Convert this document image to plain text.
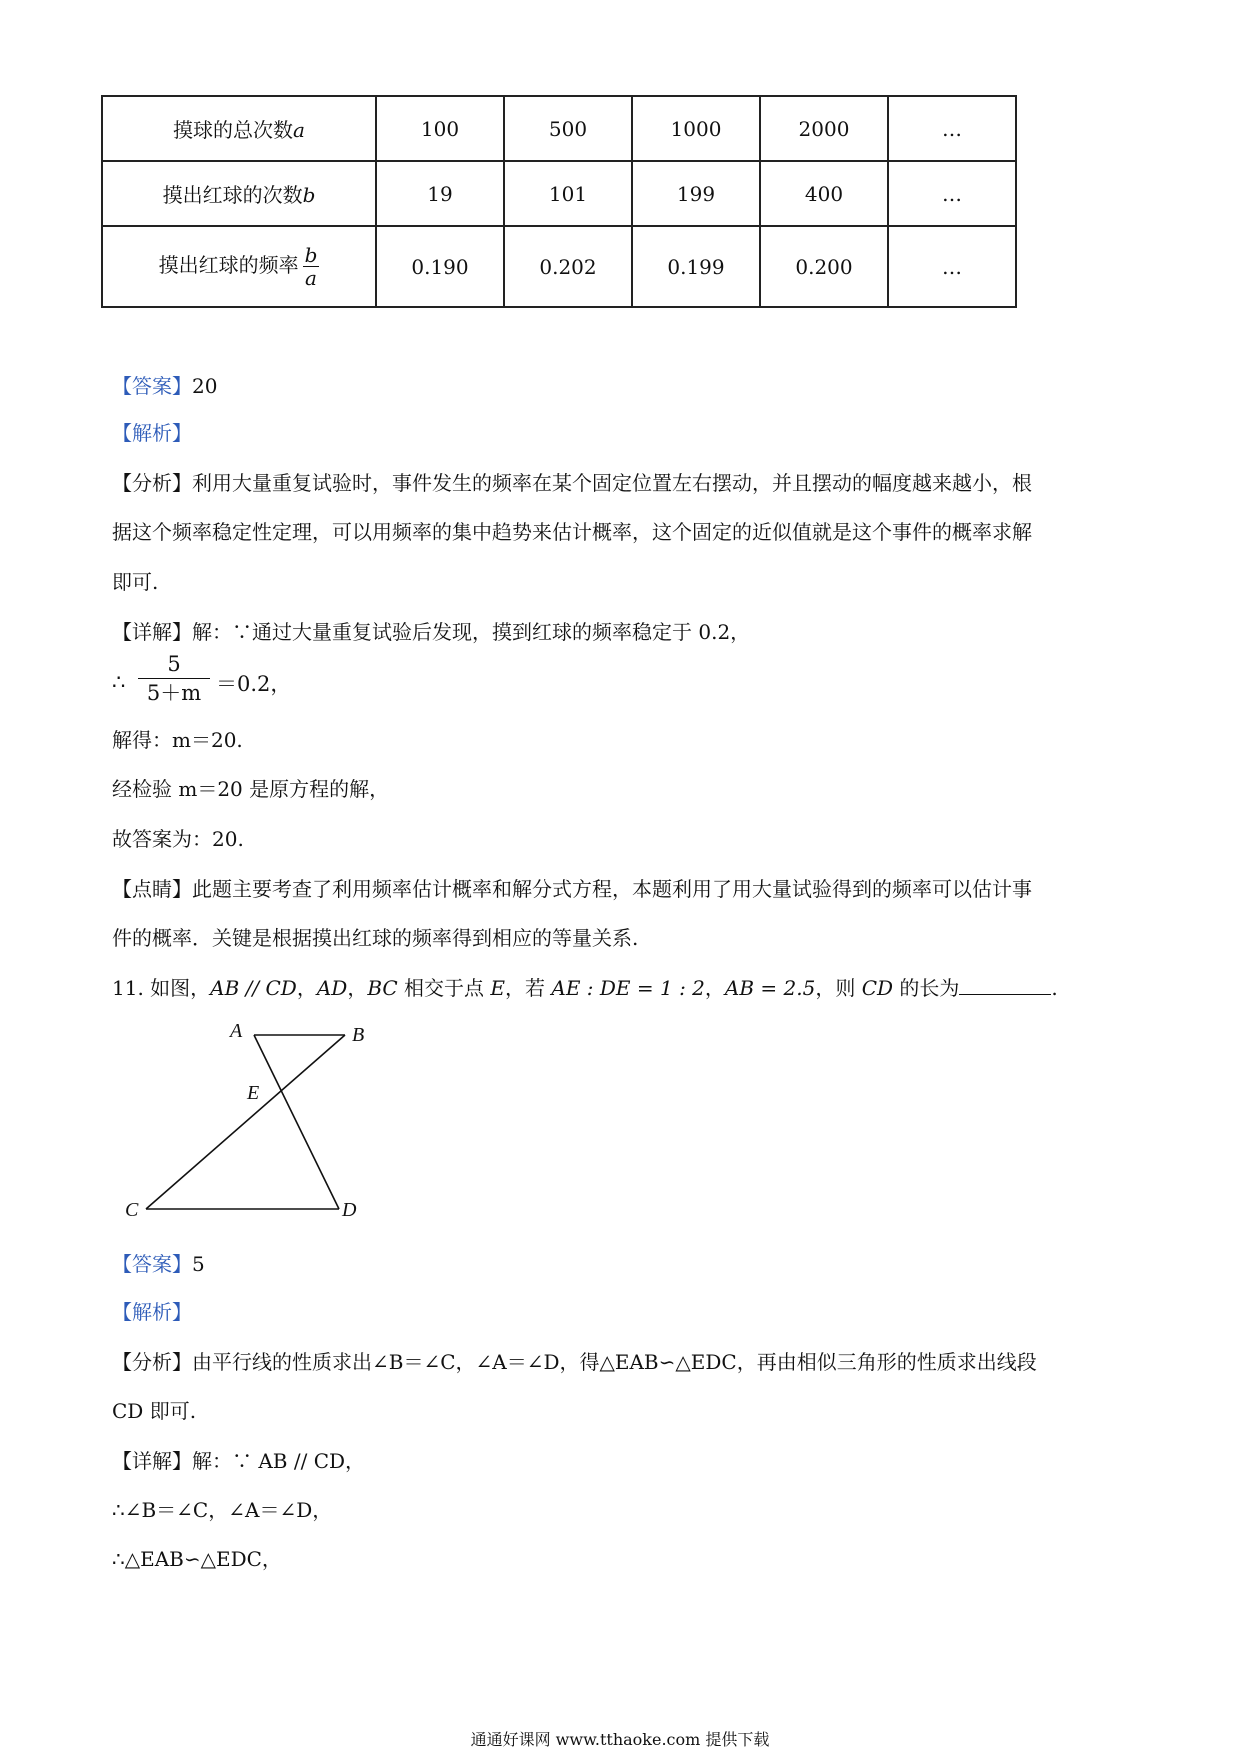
摸球的总次数a	100	500	1000	2000	…
摸出红球的次数b	19	101	199	400	…
摸出红球的频率 $\frac{b}{a}$	0.190	0.202	0.199	0.200	…
【答案】20
【解析】
【分析】利用大量重复试验时，事件发生的频率在某个固定位置左右摆动，并且摆动的幅度越来越小，根
据这个频率稳定性定理，可以用频率的集中趋势来估计概率，这个固定的近似值就是这个事件的概率求解
即可.
【详解】解：∵通过大量重复试验后发现，摸到红球的频率稳定于 0.2，
∴
5
5＋m ＝0.2，
解得：m＝20.
经检验 m＝20 是原方程的解，
故答案为：20.
【点睛】此题主要考查了利用频率估计概率和解分式方程，本题利用了用大量试验得到的频率可以估计事
件的概率．关键是根据摸出红球的频率得到相应的等量关系.
11. 如图，AB // CD，AD，BC 相交于点 E，若 AE : DE = 1 : 2，AB = 2.5，则 CD 的长为	.
A	B
E
C	D
【答案】5
【解析】
【分析】由平行线的性质求出∠B＝∠C，∠A＝∠D，得△EAB∽△EDC，再由相似三角形的性质求出线段
CD 即可.
【详解】解：∵ AB // CD，
∴∠B＝∠C，∠A＝∠D，
∴△EAB∽△EDC，
通通好课网 www.tthaoke.com 提供下载
